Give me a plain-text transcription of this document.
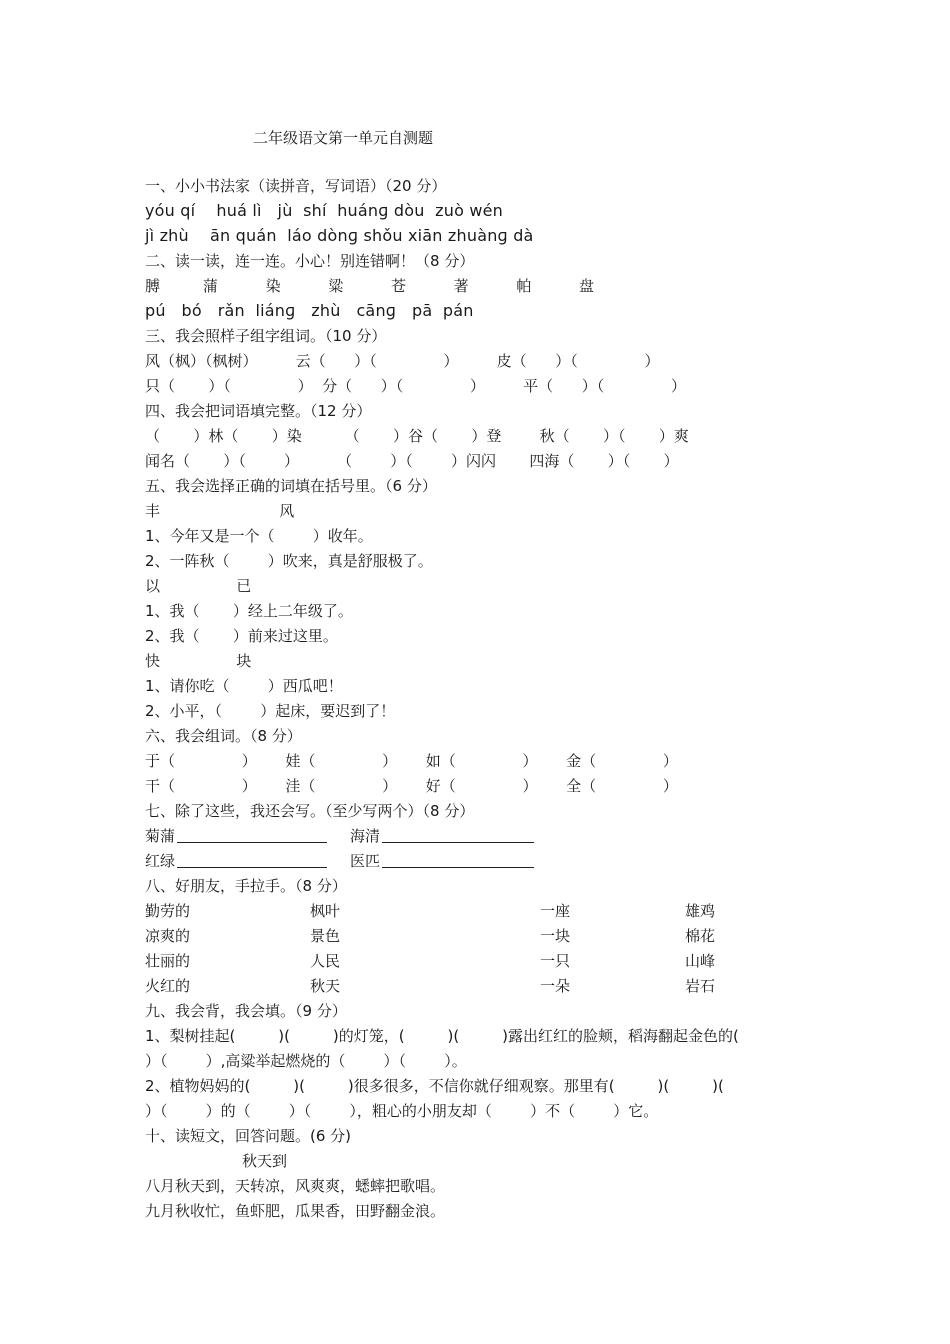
二年级语文第一单元自测题
一、小小书法家（读拼音，写词语）（20 分）
yóu qí    huá lì   jù  shí  huánɡ dòu  zuò wén
jì zhù    ān quán  láo dònɡ shǒu xiān zhuànɡ dà
二、读一读，连一连。小心！别连错啊！（8 分）
膊         蒲          染          粱          苍          著          帕          盘
pú   bó   rǎn  liánɡ   zhù   cānɡ   pā  pán
三、我会照样子组字组词。（10 分）
风（枫）（枫树）        云（      ）（              ）        皮（      ）（              ）
只（       ）（              ）  分（      ）（              ）        平（      ）（              ）
四、我会把词语填完整。（12 分）
（       ）林（       ）染         （       ）谷（       ）登        秋（       ）（       ）爽
闻名（       ）（        ）        （        ）（        ）闪闪       四海（       ）（       ）
五、我会选择正确的词填在括号里。（6 分）
丰                         风
1、今年又是一个（        ）收年。
2、一阵秋（        ）吹来，真是舒服极了。
以                已
1、我（       ）经上二年级了。
2、我（       ）前来过这里。
快                块
1、请你吃（        ）西瓜吧！
2、小平，（        ）起床，要迟到了！
六、我会组词。（8 分）
于（              ）      娃（              ）      如（              ）      金（              ）
干（              ）      洼（              ）      好（              ）      全（              ）
七、除了这些，我还会写。（至少写两个）（8 分）
菊蒲	海清
红绿	医匹
八、好朋友，手拉手。（8 分）
勤劳的	枫叶	一座	雄鸡
凉爽的	景色	一块	棉花
壮丽的	人民	一只	山峰
火红的	秋天	一朵	岩石
九、我会背，我会填。（9 分）
1、梨树挂起(         )(         )的灯笼，(         )(         )露出红红的脸颊，稻海翻起金色的(
）（        ）,高粱举起燃烧的（        ）（        ）。
2、植物妈妈的(         )(         )很多很多，不信你就仔细观察。那里有(         )(         )(
）（        ）的（        ）（        ），粗心的小朋友却（        ）不（        ）它。
十、读短文，回答问题。(6 分)
秋天到
八月秋天到，天转凉，风爽爽，蟋蟀把歌唱。
九月秋收忙，鱼虾肥，瓜果香，田野翻金浪。
